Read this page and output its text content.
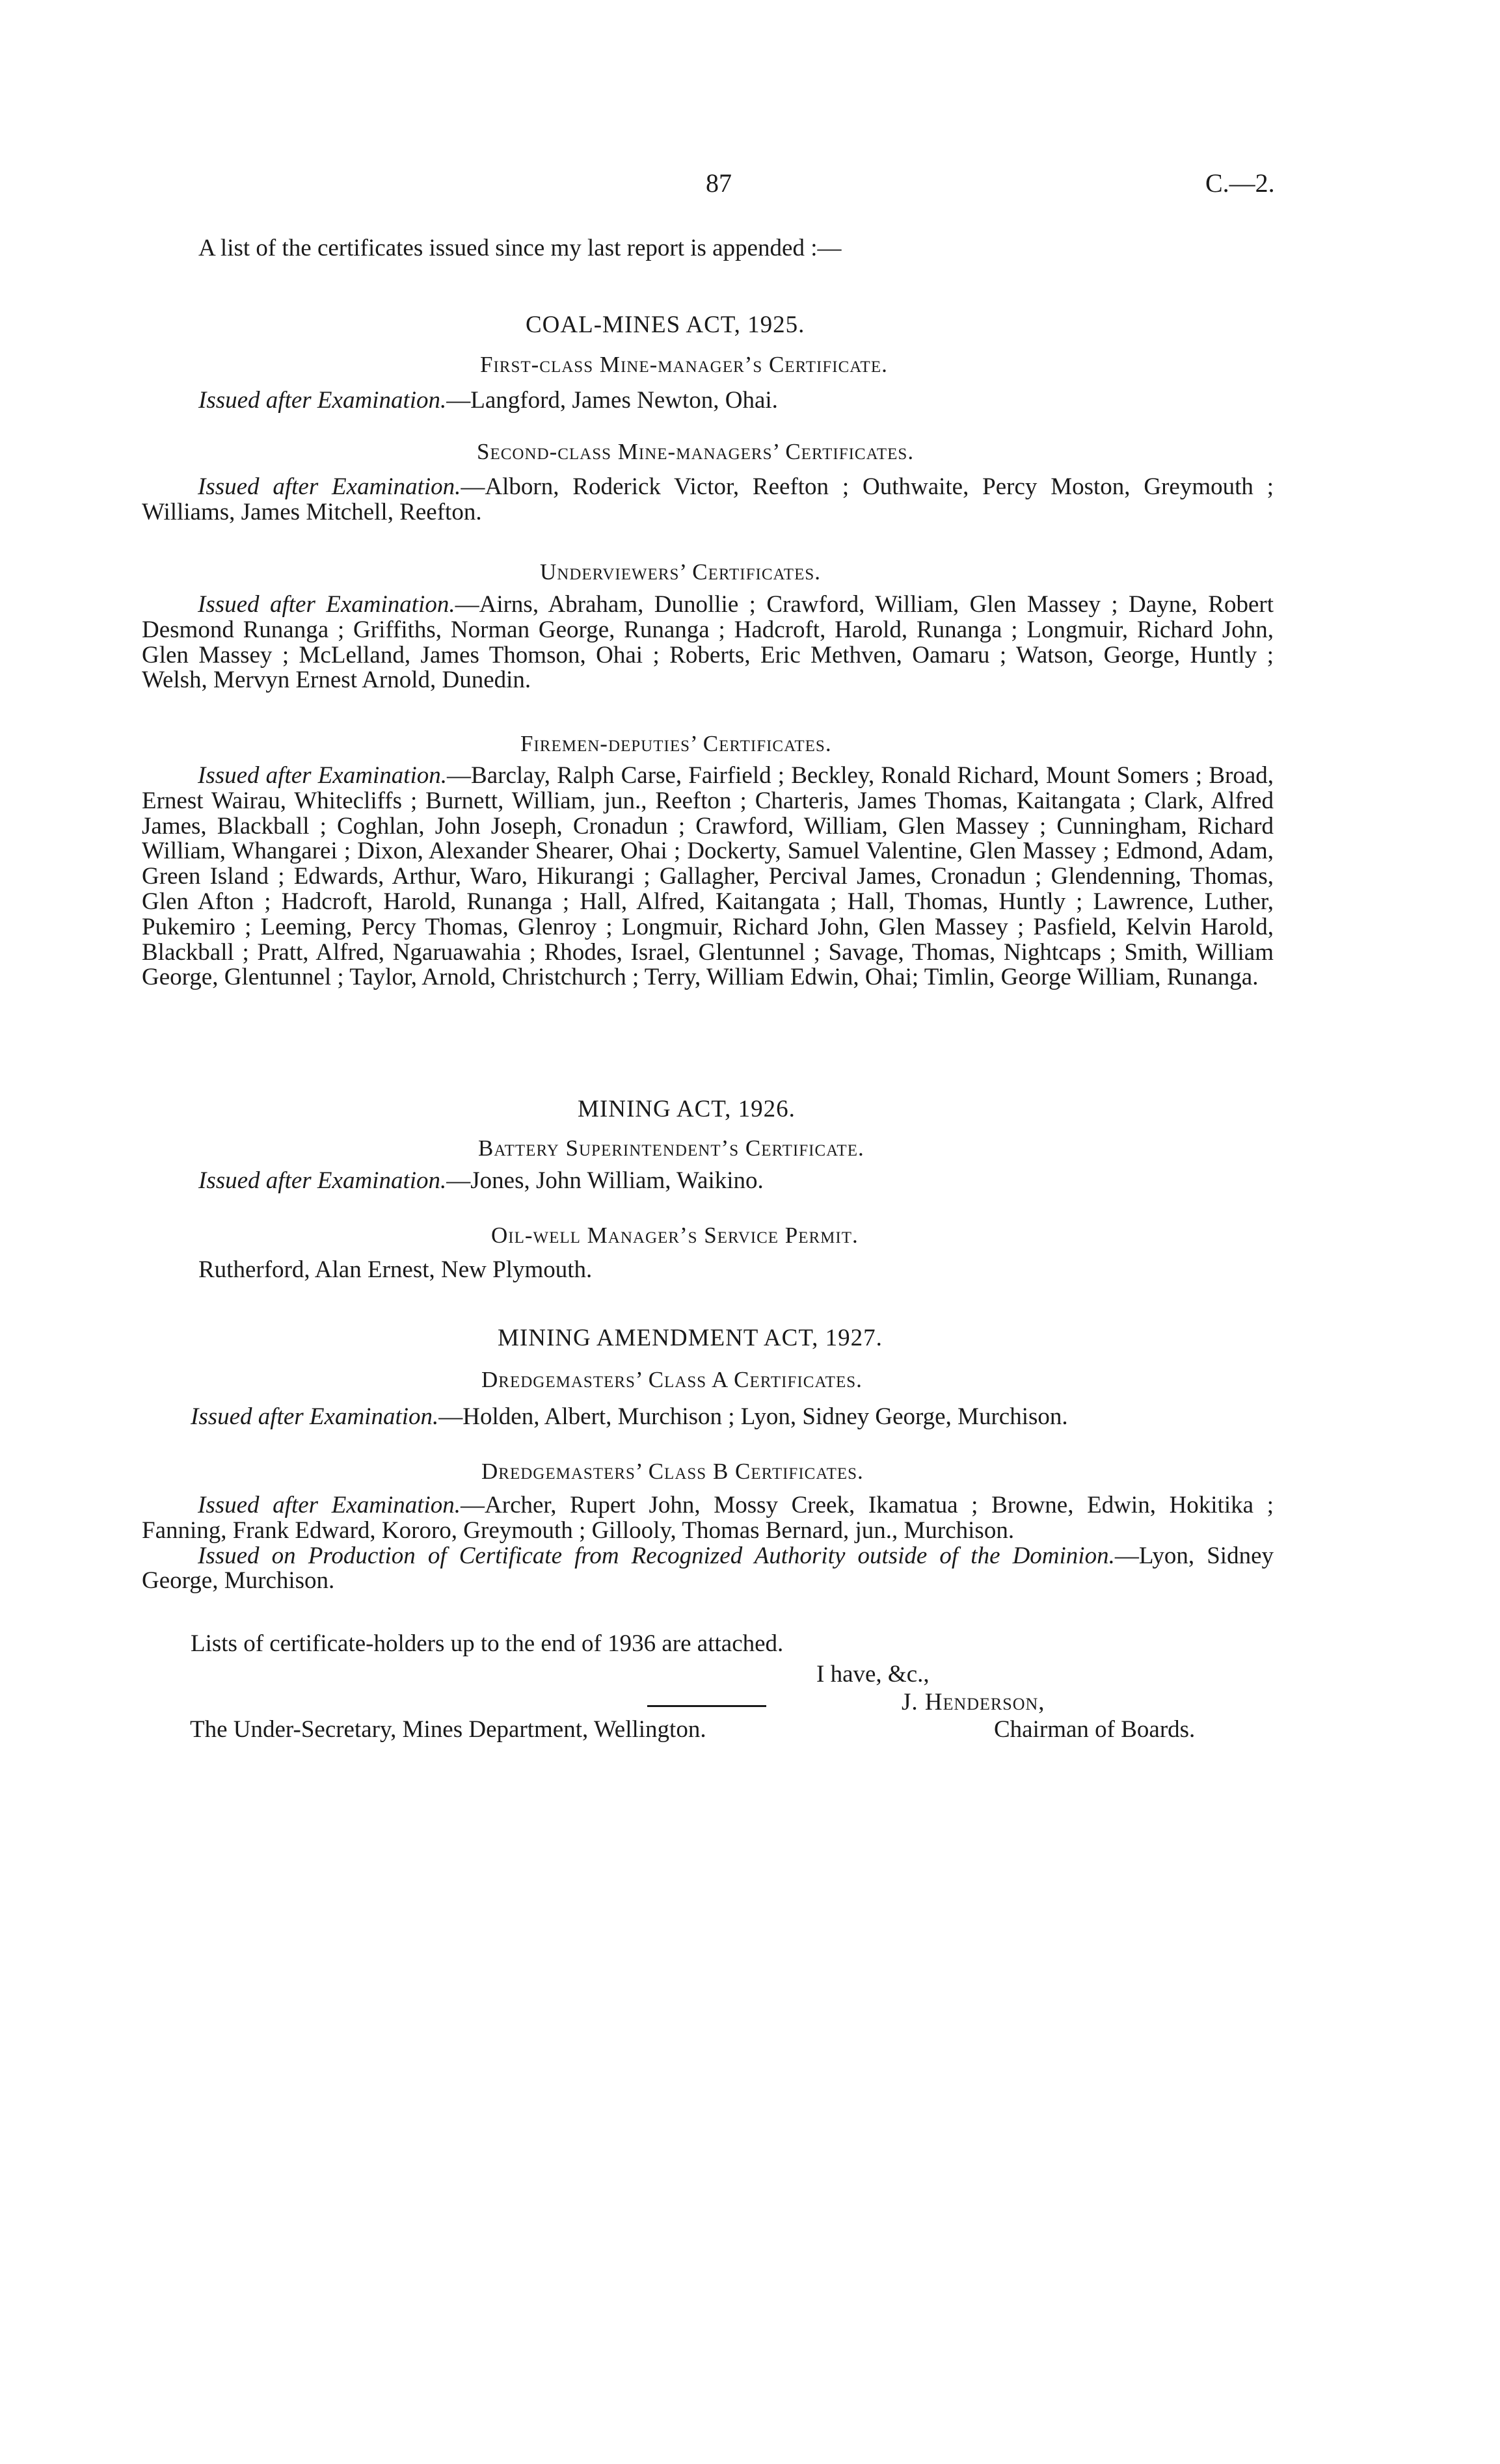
87	C.—2.
A list of the certificates issued since my last report is appended :—
COAL-MINES ACT, 1925.
First-class Mine-manager’s Certificate.
Issued after Examination.—Langford, James Newton, Ohai.
Second-class Mine-managers’ Certificates.

Issued after Examination.—Alborn, Roderick Victor, Reefton ; Outhwaite, Percy Moston, Greymouth ; Williams, James Mitchell, Reefton.

Underviewers’ Certificates.

Issued after Examination.—Airns, Abraham, Dunollie ; Crawford, William, Glen Massey ; Dayne, Robert Desmond Runanga ; Griffiths, Norman George, Runanga ; Hadcroft, Harold, Runanga ; Longmuir, Richard John, Glen Massey ; McLelland, James Thomson, Ohai ; Roberts, Eric Methven, Oamaru ; Watson, George, Huntly ; Welsh, Mervyn Ernest Arnold, Dunedin.

Firemen-deputies’ Certificates.

Issued after Examination.—Barclay, Ralph Carse, Fairfield ; Beckley, Ronald Richard, Mount Somers ; Broad, Ernest Wairau, Whitecliffs ; Burnett, William, jun., Reefton ; Charteris, James Thomas, Kaitangata ; Clark, Alfred James, Blackball ; Coghlan, John Joseph, Cronadun ; Crawford, William, Glen Massey ; Cunningham, Richard William, Whangarei ; Dixon, Alexander Shearer, Ohai ; Dockerty, Samuel Valentine, Glen Massey ; Edmond, Adam, Green Island ; Edwards, Arthur, Waro, Hikurangi ; Gallagher, Percival James, Cronadun ; Glendenning, Thomas, Glen Afton ; Hadcroft, Harold, Runanga ; Hall, Alfred, Kaitangata ; Hall, Thomas, Huntly ; Lawrence, Luther, Pukemiro ; Leeming, Percy Thomas, Glenroy ; Longmuir, Richard John, Glen Massey ; Pasfield, Kelvin Harold, Blackball ; Pratt, Alfred, Ngaruawahia ; Rhodes, Israel, Glentunnel ; Savage, Thomas, Nightcaps ; Smith, William George, Glentunnel ; Taylor, Arnold, Christchurch ; Terry, William Edwin, Ohai; Timlin, George William, Runanga.

MINING ACT, 1926.
Battery Superintendent’s Certificate.
Issued after Examination.—Jones, John William, Waikino.
Oil-well Manager’s Service Permit.
Rutherford, Alan Ernest, New Plymouth.
MINING AMENDMENT ACT, 1927.
Dredgemasters’ Class A Certificates.
Issued after Examination.—Holden, Albert, Murchison ; Lyon, Sidney George, Murchison.
Dredgemasters’ Class B Certificates.

Issued after Examination.—Archer, Rupert John, Mossy Creek, Ikamatua ; Browne, Edwin, Hokitika ; Fanning, Frank Edward, Kororo, Greymouth ; Gillooly, Thomas Bernard, jun., Murchison.

Issued on Production of Certificate from Recognized Authority outside of the Dominion.—Lyon, Sidney George, Murchison.

Lists of certificate-holders up to the end of 1936 are attached.
I have, &c.,
J. Henderson,
The Under-Secretary, Mines Department, Wellington.	Chairman of Boards.
